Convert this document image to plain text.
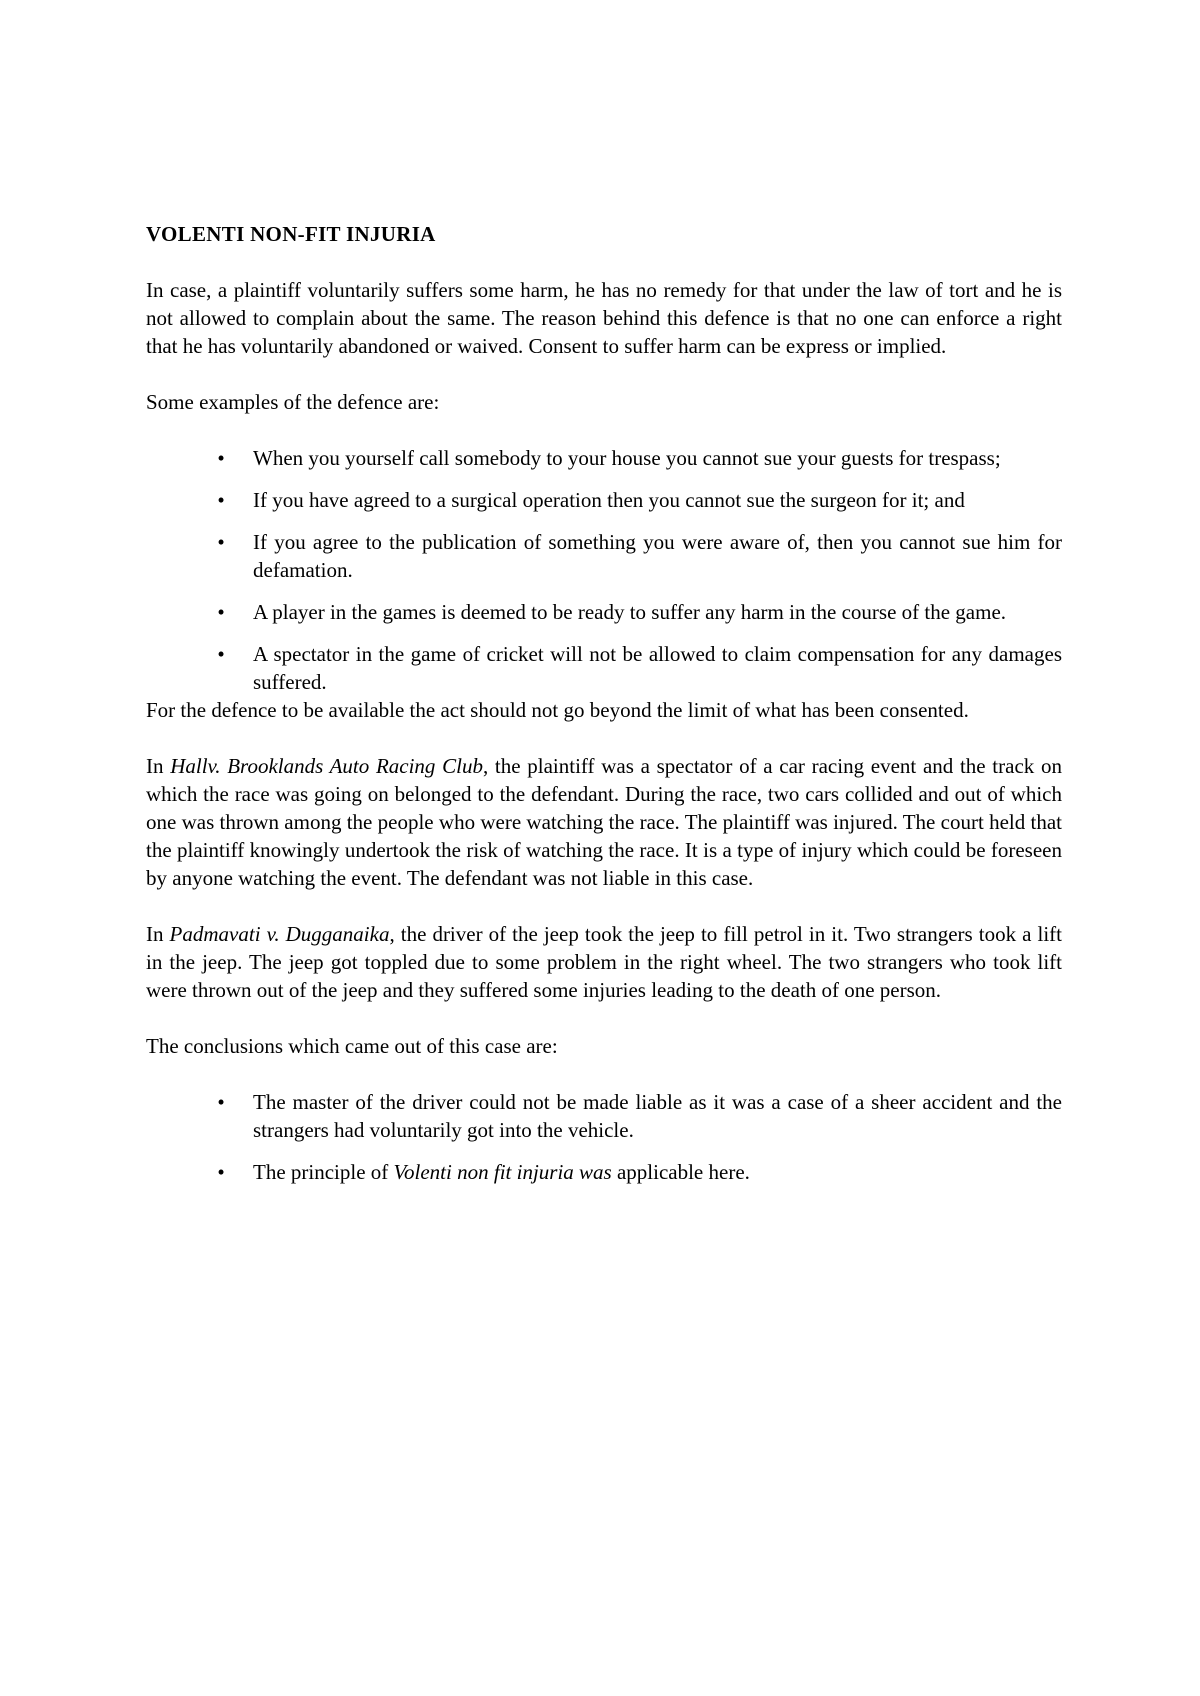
VOLENTI NON-FIT INJURIA

In case, a plaintiff voluntarily suffers some harm, he has no remedy for that under the law of tort and he is not allowed to complain about the same. The reason behind this defence is that no one can enforce a right that he has voluntarily abandoned or waived. Consent to suffer harm can be express or implied.

Some examples of the defence are:

• When you yourself call somebody to your house you cannot sue your guests for trespass;
• If you have agreed to a surgical operation then you cannot sue the surgeon for it; and
• If you agree to the publication of something you were aware of, then you cannot sue him for defamation.
• A player in the games is deemed to be ready to suffer any harm in the course of the game.
• A spectator in the game of cricket will not be allowed to claim compensation for any damages suffered.

For the defence to be available the act should not go beyond the limit of what has been consented.

In Hallv. Brooklands Auto Racing Club, the plaintiff was a spectator of a car racing event and the track on which the race was going on belonged to the defendant. During the race, two cars collided and out of which one was thrown among the people who were watching the race. The plaintiff was injured. The court held that the plaintiff knowingly undertook the risk of watching the race. It is a type of injury which could be foreseen by anyone watching the event. The defendant was not liable in this case.

In Padmavati v. Dugganaika, the driver of the jeep took the jeep to fill petrol in it. Two strangers took a lift in the jeep. The jeep got toppled due to some problem in the right wheel. The two strangers who took lift were thrown out of the jeep and they suffered some injuries leading to the death of one person.

The conclusions which came out of this case are:

• The master of the driver could not be made liable as it was a case of a sheer accident and the strangers had voluntarily got into the vehicle.
• The principle of Volenti non fit injuria was applicable here.
